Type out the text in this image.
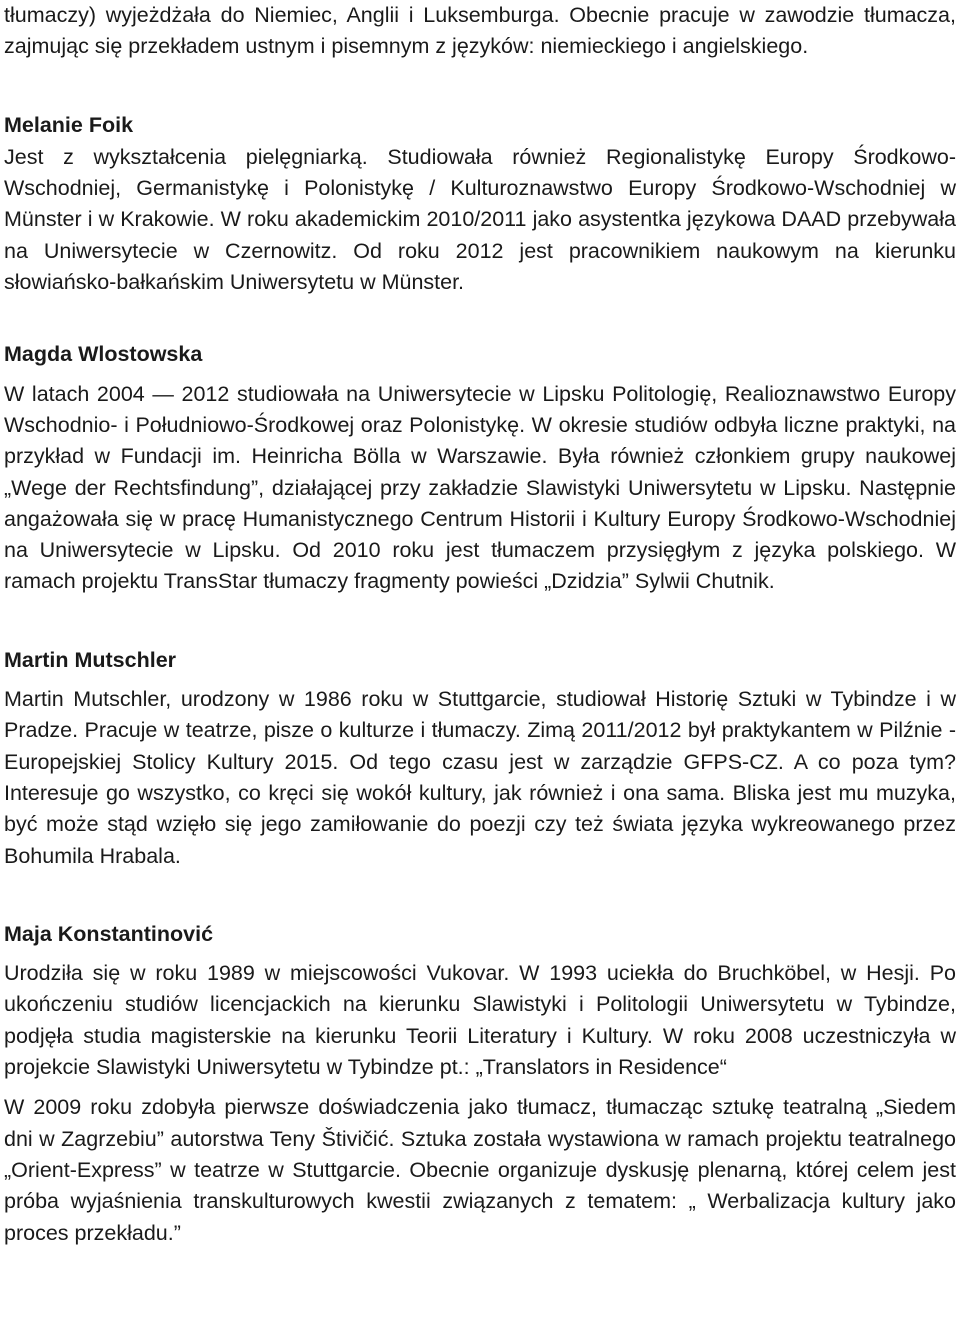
tłumaczy) wyjeżdżała do Niemiec, Anglii i Luksemburga. Obecnie pracuje w zawodzie tłumacza, zajmując się przekładem ustnym i pisemnym z języków: niemieckiego i angielskiego.

Melanie Foik

Jest z wykształcenia pielęgniarką. Studiowała również Regionalistykę Europy Środkowo-Wschodniej, Germanistykę i Polonistykę / Kulturoznawstwo Europy Środkowo-Wschodniej w Münster i w Krakowie. W roku akademickim 2010/2011 jako asystentka językowa DAAD przebywała na Uniwersytecie w Czernowitz. Od roku 2012 jest pracownikiem naukowym na kierunku słowiańsko-bałkańskim Uniwersytetu w Münster.

Magda Wlostowska

W latach 2004 — 2012 studiowała na Uniwersytecie w Lipsku Politologię, Realioznawstwo Europy Wschodnio- i Południowo-Środkowej oraz Polonistykę. W okresie studiów odbyła liczne praktyki, na przykład w Fundacji im. Heinricha Bölla w Warszawie. Była również członkiem grupy naukowej „Wege der Rechtsfindung”, działającej przy zakładzie Slawistyki Uniwersytetu w Lipsku. Następnie angażowała się w pracę Humanistycznego Centrum Historii i Kultury Europy Środkowo-Wschodniej na Uniwersytecie w Lipsku. Od 2010 roku jest tłumaczem przysięgłym z języka polskiego. W ramach projektu TransStar tłumaczy fragmenty powieści „Dzidzia” Sylwii Chutnik.

Martin Mutschler

Martin Mutschler, urodzony w 1986 roku w Stuttgarcie, studiował Historię Sztuki w Tybindze i w Pradze. Pracuje w teatrze, pisze o kulturze i tłumaczy. Zimą 2011/2012 był praktykantem w Pilźnie - Europejskiej Stolicy Kultury 2015. Od tego czasu jest w zarządzie GFPS-CZ. A co poza tym? Interesuje go wszystko, co kręci się wokół kultury, jak również i ona sama. Bliska jest mu muzyka, być może stąd wzięło się jego zamiłowanie do poezji czy też świata języka wykreowanego przez Bohumila Hrabala.

Maja Konstantinović

Urodziła się w roku 1989 w miejscowości Vukovar. W 1993 uciekła do Bruchköbel, w Hesji. Po ukończeniu studiów licencjackich na kierunku Slawistyki i Politologii Uniwersytetu w Tybindze, podjęła studia magisterskie na kierunku Teorii Literatury i Kultury. W roku 2008 uczestniczyła w projekcie Slawistyki Uniwersytetu w Tybindze pt.: „Translators in Residence“

W 2009 roku zdobyła pierwsze doświadczenia jako tłumacz, tłumacząc sztukę teatralną „Siedem dni w Zagrzebiu” autorstwa Teny Štivičić. Sztuka została wystawiona w ramach projektu teatralnego „Orient-Express” w teatrze w Stuttgarcie. Obecnie organizuje dyskusję plenarną, której celem jest próba wyjaśnienia transkulturowych kwestii związanych z tematem: „ Werbalizacja kultury jako proces przekładu.”
